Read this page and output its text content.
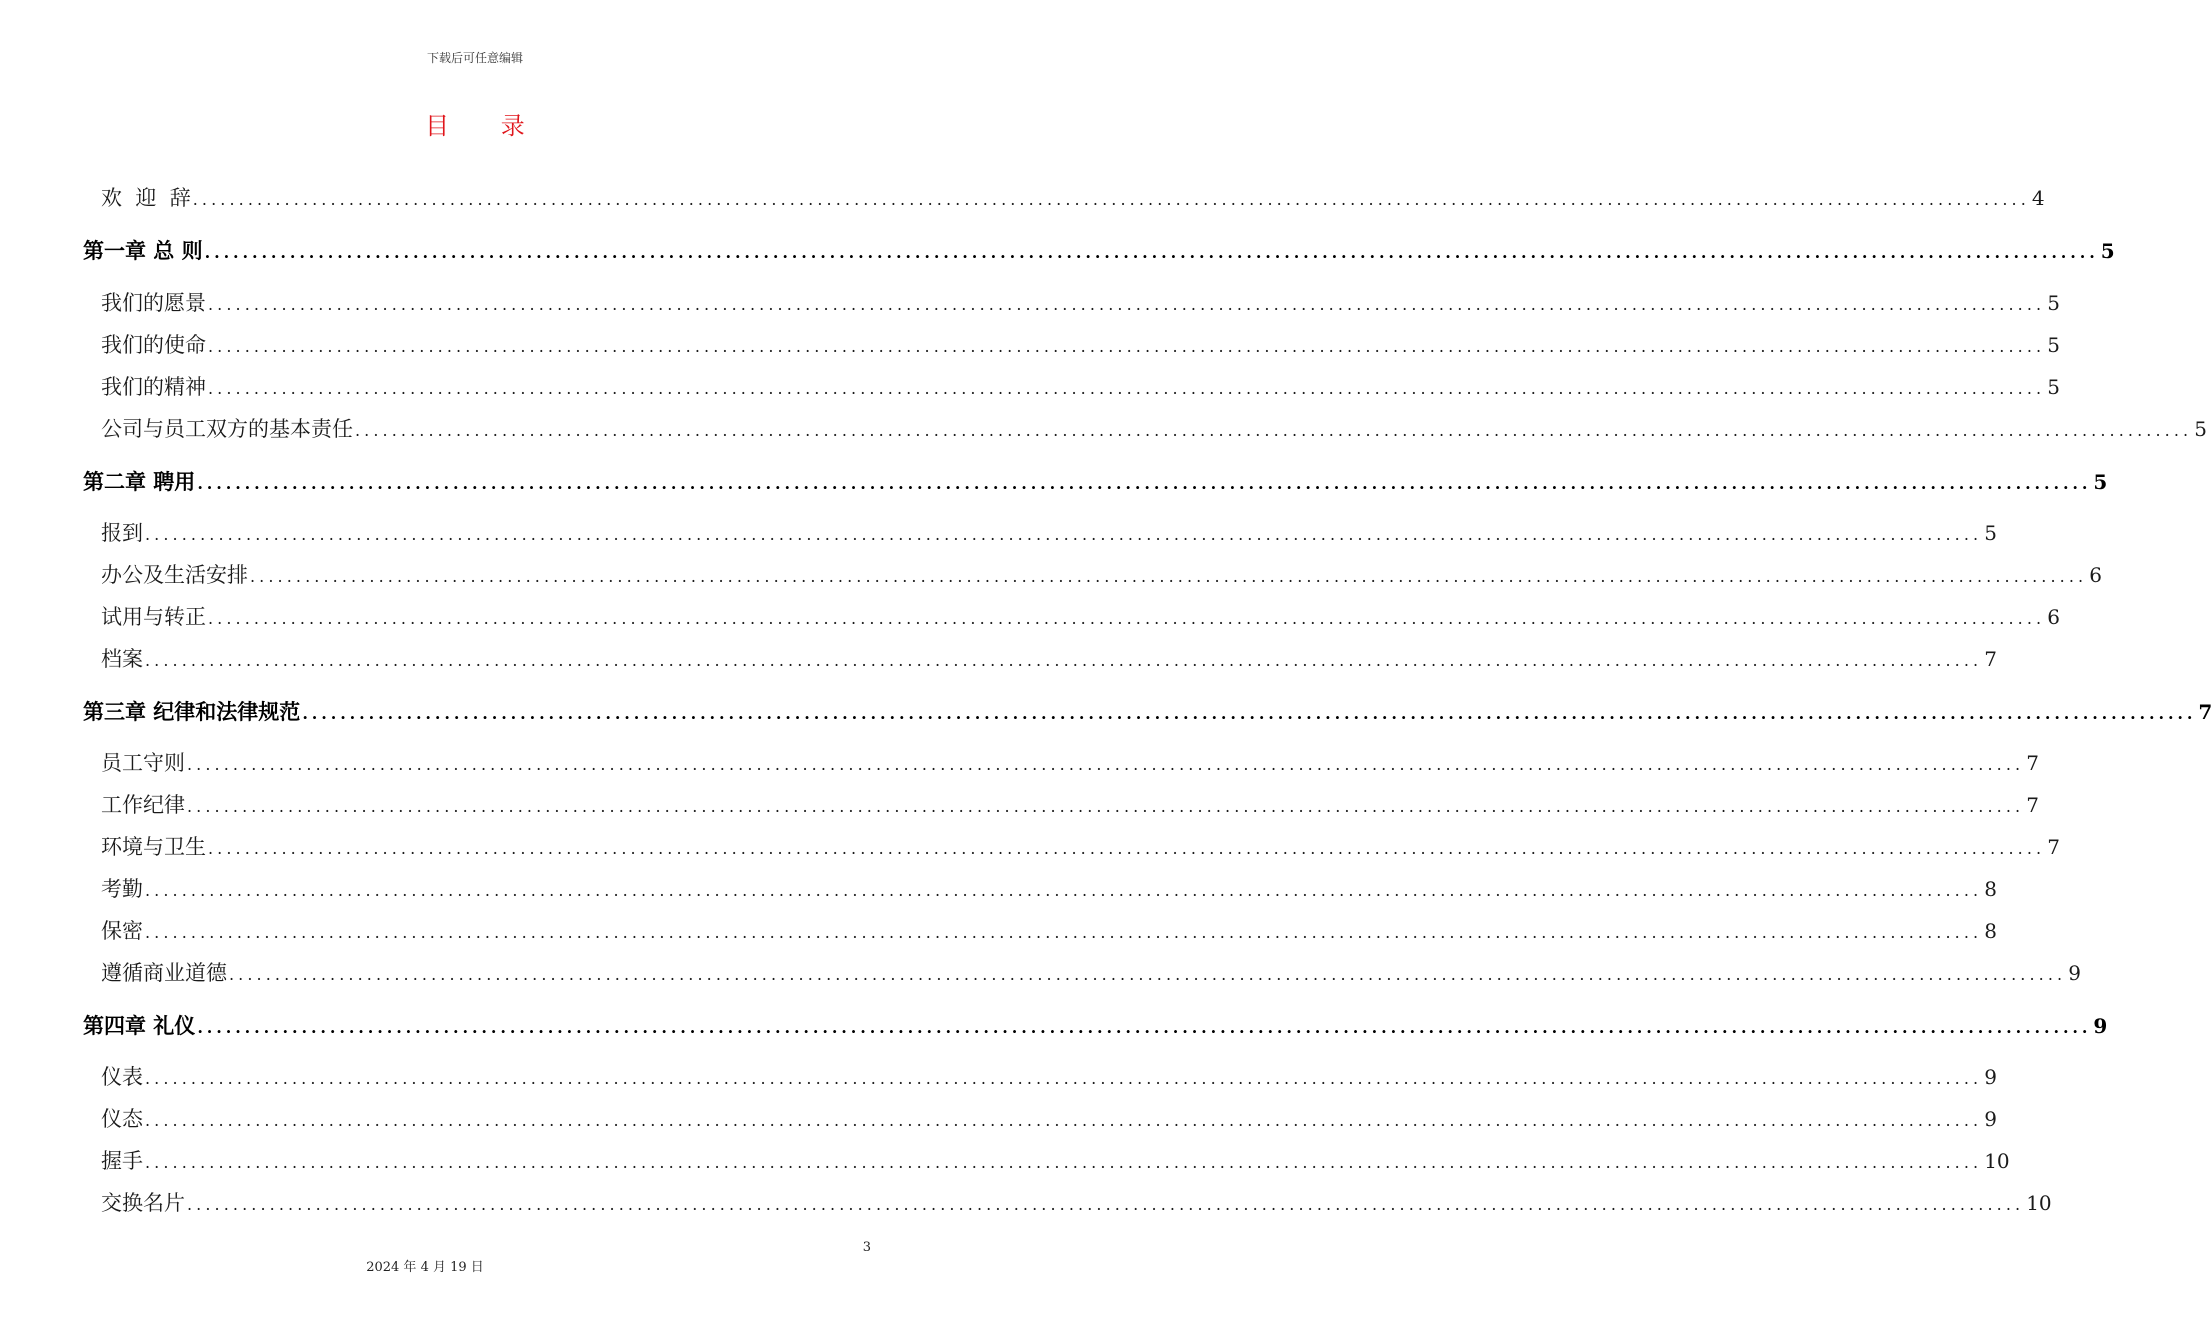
下载后可任意编辑
目 录
欢  迎  辞 ........................................................................................................................................................................................................ 4
第一章 总 则 ........................................................................................................................................................................................................ 5
我们的愿景 ........................................................................................................................................................................................................ 5
我们的使命 ........................................................................................................................................................................................................ 5
我们的精神 ........................................................................................................................................................................................................ 5
公司与员工双方的基本责任 ........................................................................................................................................................................................................ 5
第二章 聘用 ........................................................................................................................................................................................................ 5
报到 ........................................................................................................................................................................................................ 5
办公及生活安排 ........................................................................................................................................................................................................ 6
试用与转正 ........................................................................................................................................................................................................ 6
档案 ........................................................................................................................................................................................................ 7
第三章 纪律和法律规范 ........................................................................................................................................................................................................ 7
员工守则 ........................................................................................................................................................................................................ 7
工作纪律 ........................................................................................................................................................................................................ 7
环境与卫生 ........................................................................................................................................................................................................ 7
考勤 ........................................................................................................................................................................................................ 8
保密 ........................................................................................................................................................................................................ 8
遵循商业道德 ........................................................................................................................................................................................................ 9
第四章 礼仪 ........................................................................................................................................................................................................ 9
仪表 ........................................................................................................................................................................................................ 9
仪态 ........................................................................................................................................................................................................ 9
握手 ........................................................................................................................................................................................................ 10
交换名片 ........................................................................................................................................................................................................ 10
3
2024 年 4 月 19 日
